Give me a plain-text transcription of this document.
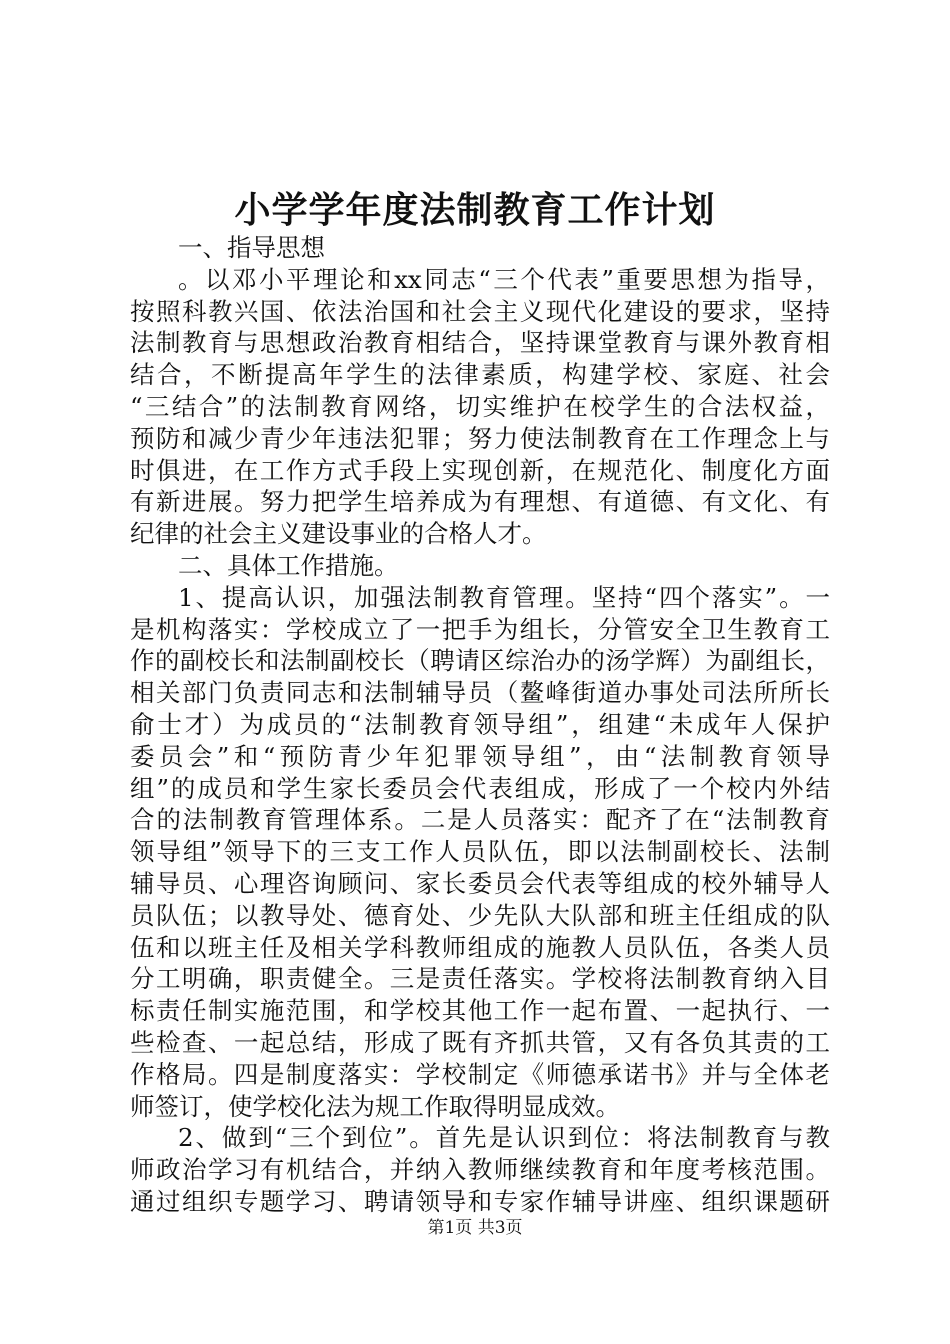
小学学年度法制教育工作计划
一、指导思想
。以邓小平理论和xx同志“三个代表”重要思想为指导，
按照科教兴国、依法治国和社会主义现代化建设的要求，坚持
法制教育与思想政治教育相结合，坚持课堂教育与课外教育相
结合，不断提高年学生的法律素质，构建学校、家庭、社会
“三结合”的法制教育网络，切实维护在校学生的合法权益，
预防和减少青少年违法犯罪；努力使法制教育在工作理念上与
时俱进，在工作方式手段上实现创新，在规范化、制度化方面
有新进展。努力把学生培养成为有理想、有道德、有文化、有
纪律的社会主义建设事业的合格人才。
二、具体工作措施。
1、提高认识，加强法制教育管理。坚持“四个落实”。一
是机构落实：学校成立了一把手为组长，分管安全卫生教育工
作的副校长和法制副校长（聘请区综治办的汤学辉）为副组长，
相关部门负责同志和法制辅导员（鳌峰街道办事处司法所所长
俞士才）为成员的“法制教育领导组”，组建“未成年人保护
委员会”和“预防青少年犯罪领导组”，由“法制教育领导
组”的成员和学生家长委员会代表组成，形成了一个校内外结
合的法制教育管理体系。二是人员落实：配齐了在“法制教育
领导组”领导下的三支工作人员队伍，即以法制副校长、法制
辅导员、心理咨询顾问、家长委员会代表等组成的校外辅导人
员队伍；以教导处、德育处、少先队大队部和班主任组成的队
伍和以班主任及相关学科教师组成的施教人员队伍，各类人员
分工明确，职责健全。三是责任落实。学校将法制教育纳入目
标责任制实施范围，和学校其他工作一起布置、一起执行、一
些检查、一起总结，形成了既有齐抓共管，又有各负其责的工
作格局。四是制度落实：学校制定《师德承诺书》并与全体老
师签订，使学校化法为规工作取得明显成效。
2、做到“三个到位”。首先是认识到位：将法制教育与教
师政治学习有机结合，并纳入教师继续教育和年度考核范围。
通过组织专题学习、聘请领导和专家作辅导讲座、组织课题研
第1页 共3页
